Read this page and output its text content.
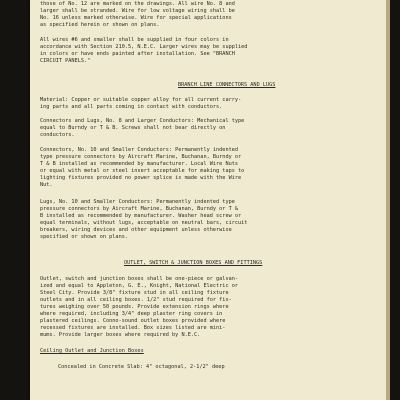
those of No. 12 are marked on the drawings. All wire No. 8 and
larger shall be stranded. Wire for low voltage wiring shall be
No. 16 unless marked otherwise. Wire for special applications
as specified herein or shown on plans.
All wires #6 and smaller shall be supplied in four colors in
accordance with Section 210.5, N.E.C. Larger wires may be supplied
in colors or have ends painted after installation. See "BRANCH
CIRCUIT PANELS."
BRANCH LINE CONNECTORS AND LUGS
Material: Copper or suitable copper alloy for all current carry-
ing parts and all parts coming in contact with conductors.
Connectors and Lugs, No. 8 and Larger Conductors: Mechanical type
equal to Burndy or T & B. Screws shall not bear directly on
conductors.
Connectors, No. 10 and Smaller Conductors: Permanently indented
type pressure connectors by Aircraft Marine, Buchanan, Burndy or
T & B installed as recommended by manufacturer. Local Wire Nuts
or equal with metal or steel insert acceptable for making taps to
lighting fixtures provided no power splice is made with the Wire
Nut.
Lugs, No. 10 and Smaller Conductors: Permanently indented type
pressure connectors by Aircraft Marine, Buchanan, Burndy or T &
B installed as recommended by manufacturer. Washer head screw or
equal terminals, without lugs, acceptable on neutral bars, circuit
breakers, wiring devices and other equipment unless otherwise
specified or shown on plans.
OUTLET, SWITCH & JUNCTION BOXES AND FITTINGS
Outlet, switch and junction boxes shall be one-piece or galvan-
ized and equal to Appleton, G. E., Knight, National Electric or
Steel City. Provide 3/8" fixture stud in all ceiling fixture
outlets and in all ceiling boxes. 1/2" stud required for fix-
tures weighing over 50 pounds. Provide extension rings where
where required, including 3/4" deep plaster ring covers in
plastered ceilings. Conno-sound outlet boxes provided where
recessed fixtures are installed. Box sizes listed are mini-
mums. Provide larger boxes where required by N.E.C.
Ceiling Outlet and Junction Boxes
Concealed in Concrete Slab: 4" octagonal, 2-1/2" deep
